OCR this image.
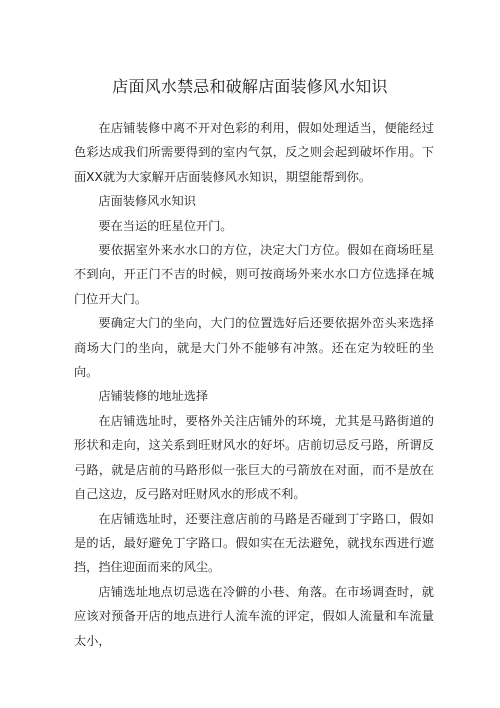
店面风水禁忌和破解店面装修风水知识

在店铺装修中离不开对色彩的利用，假如处理适当，便能经过色彩达成我们所需要得到的室内气氛，反之则会起到破坏作用。下面XX就为大家解开店面装修风水知识，期望能帮到你。

店面装修风水知识

要在当运的旺星位开门。

要依据室外来水水口的方位，决定大门方位。假如在商场旺星不到向，开正门不吉的时候，则可按商场外来水水口方位选择在城门位开大门。

要确定大门的坐向，大门的位置选好后还要依据外峦头来选择商场大门的坐向，就是大门外不能够有冲煞。还在定为较旺的坐向。

店铺装修的地址选择

在店铺选址时，要格外关注店铺外的环境，尤其是马路街道的形状和走向，这关系到旺财风水的好坏。店前切忌反弓路，所谓反弓路，就是店前的马路形似一张巨大的弓箭放在对面，而不是放在自己这边，反弓路对旺财风水的形成不利。

在店铺选址时，还要注意店前的马路是否碰到丁字路口，假如是的话，最好避免丁字路口。假如实在无法避免，就找东西进行遮挡，挡住迎面而来的风尘。

店铺选址地点切忌选在冷僻的小巷、角落。在市场调查时，就应该对预备开店的地点进行人流车流的评定，假如人流量和车流量太小，
